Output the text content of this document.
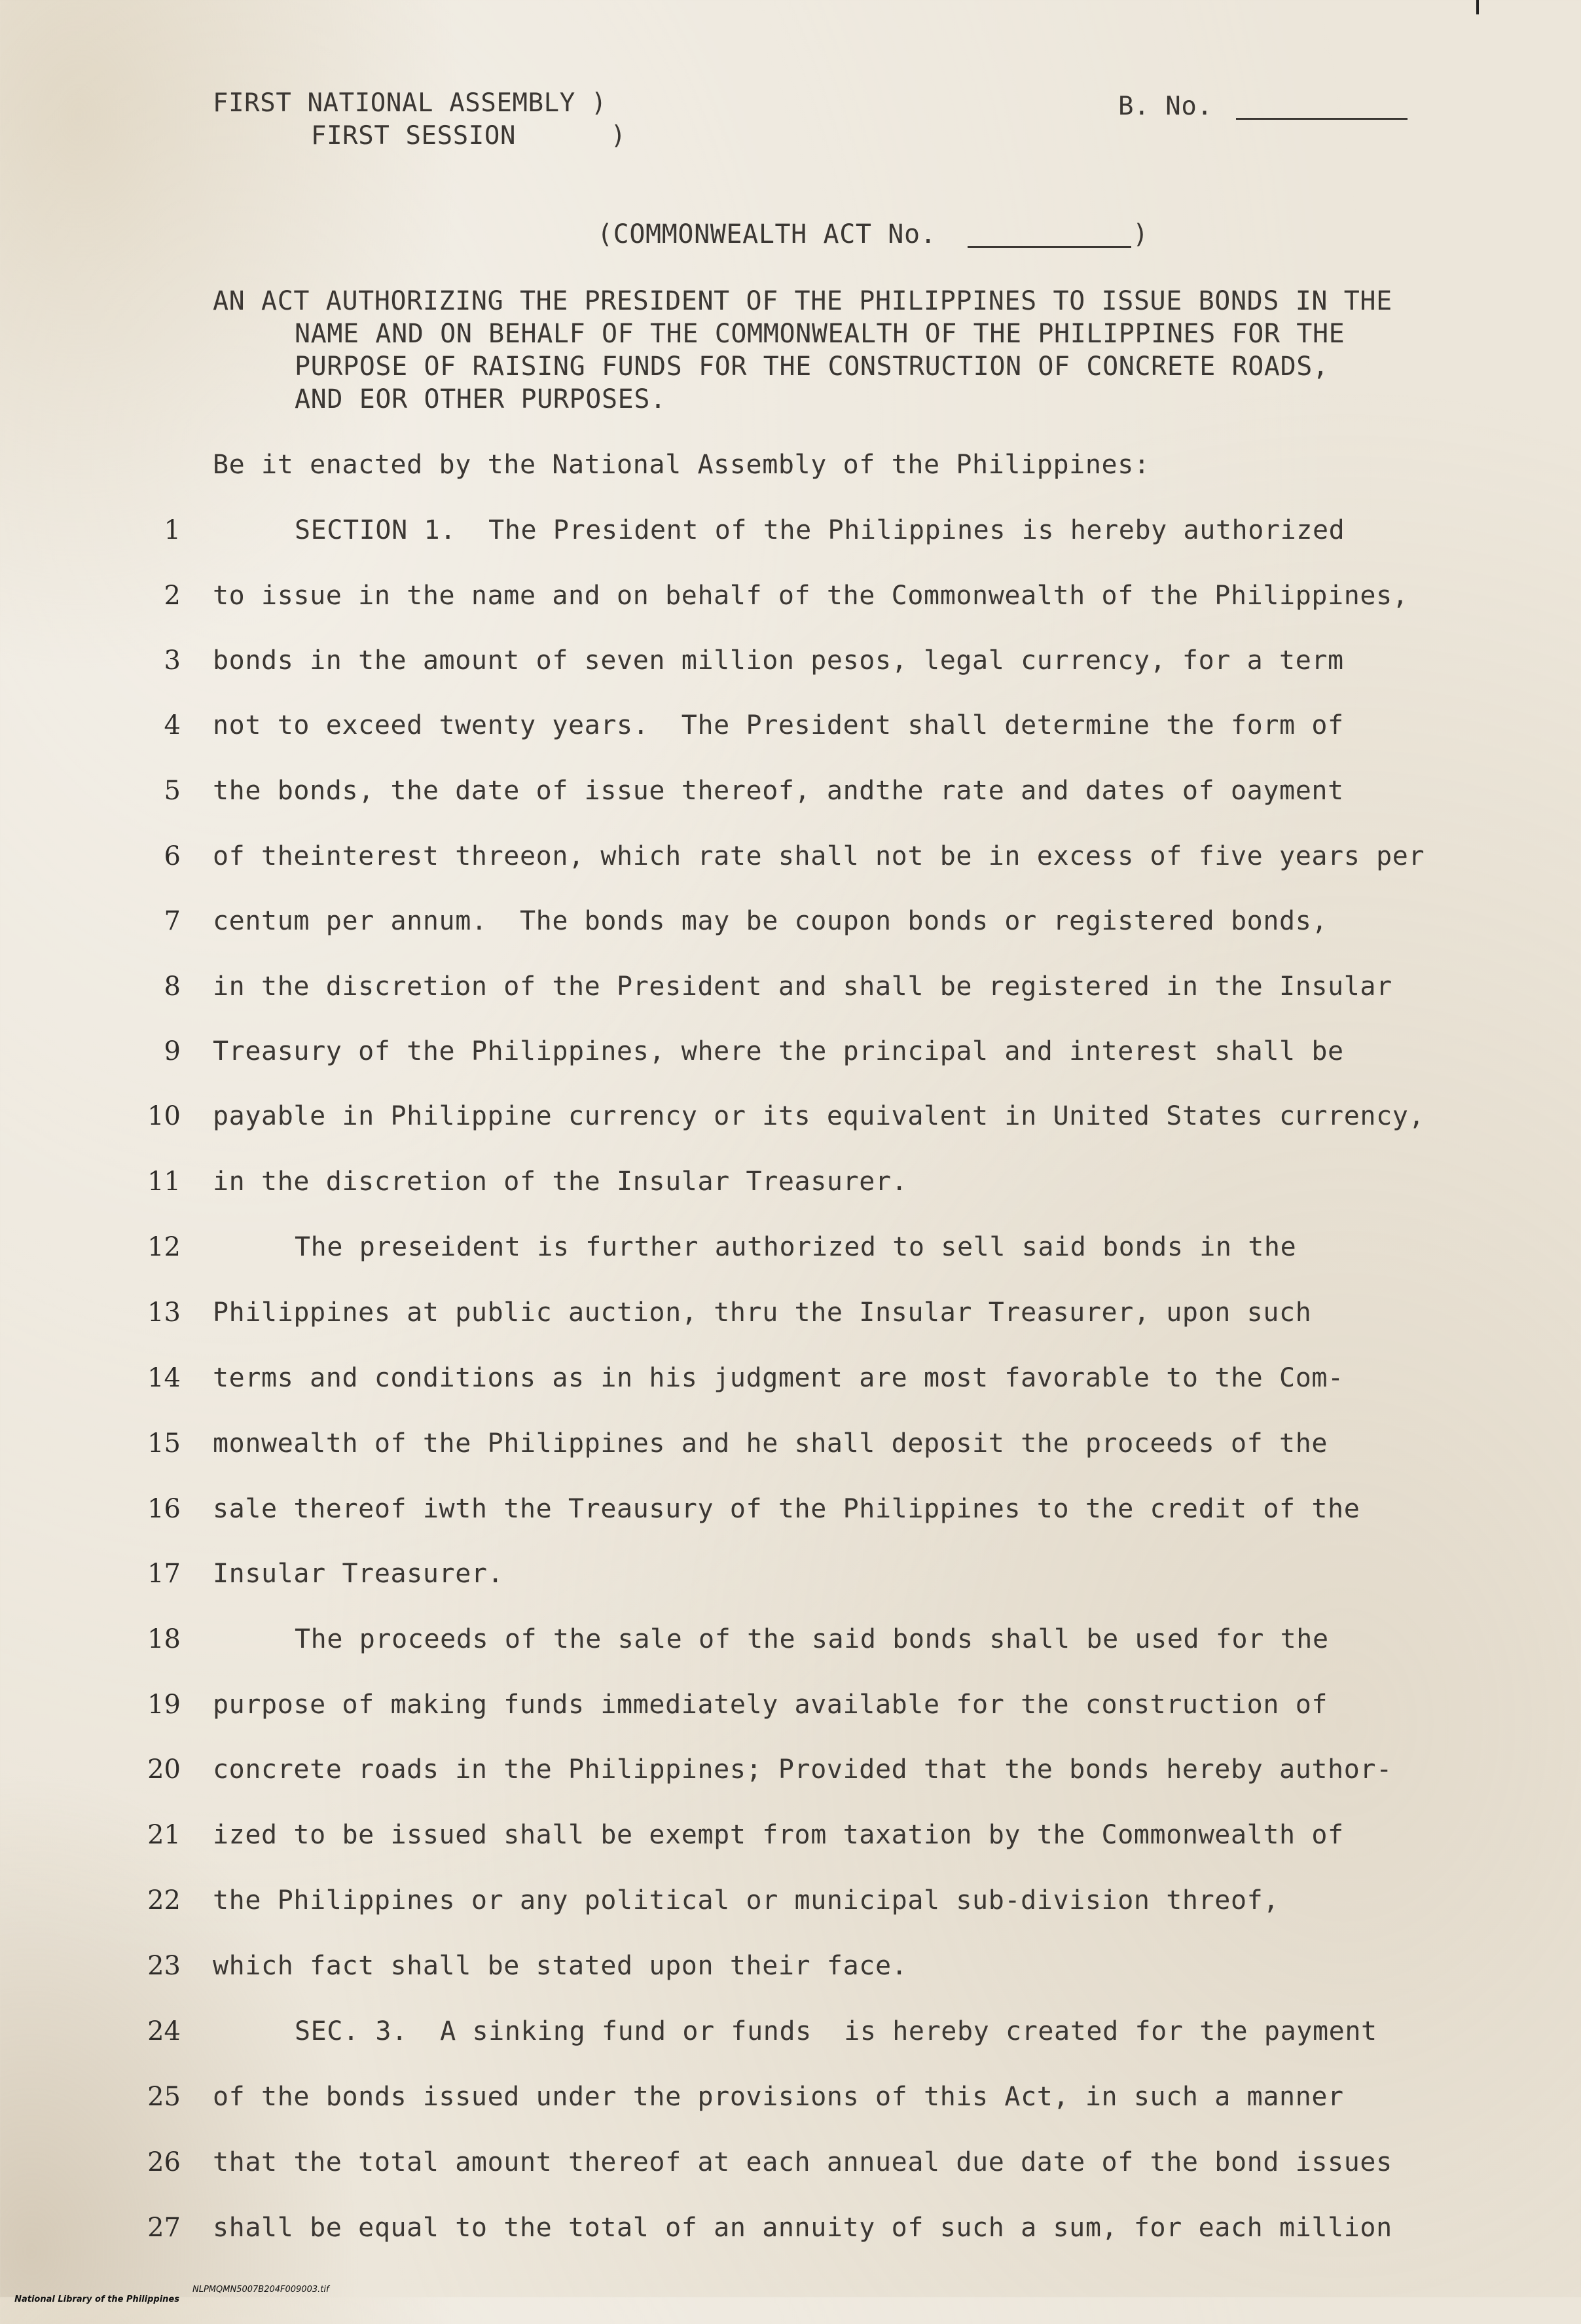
FIRST NATIONAL ASSEMBLY )
FIRST SESSION      )
B. No.
(COMMONWEALTH ACT No.	)
AN ACT AUTHORIZING THE PRESIDENT OF THE PHILIPPINES TO ISSUE BONDS IN THE
NAME AND ON BEHALF OF THE COMMONWEALTH OF THE PHILIPPINES FOR THE
PURPOSE OF RAISING FUNDS FOR THE CONSTRUCTION OF CONCRETE ROADS,
AND EOR OTHER PURPOSES.
Be it enacted by the National Assembly of the Philippines:
1	SECTION 1.  The President of the Philippines is hereby authorized
2 to issue in the name and on behalf of the Commonwealth of the Philippines,
3 bonds in the amount of seven million pesos, legal currency, for a term
4 not to exceed twenty years.  The President shall determine the form of
5 the bonds, the date of issue thereof, andthe rate and dates of oayment
6 of theinterest threeon, which rate shall not be in excess of five years per
7 centum per annum.  The bonds may be coupon bonds or registered bonds,
8 in the discretion of the President and shall be registered in the Insular
9 Treasury of the Philippines, where the principal and interest shall be
10 payable in Philippine currency or its equivalent in United States currency,
11 in the discretion of the Insular Treasurer.
12	The preseident is further authorized to sell said bonds in the
13 Philippines at public auction, thru the Insular Treasurer, upon such
14 terms and conditions as in his judgment are most favorable to the Com-
15 monwealth of the Philippines and he shall deposit the proceeds of the
16 sale thereof iwth the Treausury of the Philippines to the credit of the
17 Insular Treasurer.
18	The proceeds of the sale of the said bonds shall be used for the
19 purpose of making funds immediately available for the construction of
20 concrete roads in the Philippines; Provided that the bonds hereby author-
21 ized to be issued shall be exempt from taxation by the Commonwealth of
22 the Philippines or any political or municipal sub-division threof,
23 which fact shall be stated upon their face.
24	SEC. 3.  A sinking fund or funds  is hereby created for the payment
25 of the bonds issued under the provisions of this Act, in such a manner
26 that the total amount thereof at each annueal due date of the bond issues
27 shall be equal to the total of an annuity of such a sum, for each million

National Library of the Philippines

NLPMQMN5007B204F009003.tif
